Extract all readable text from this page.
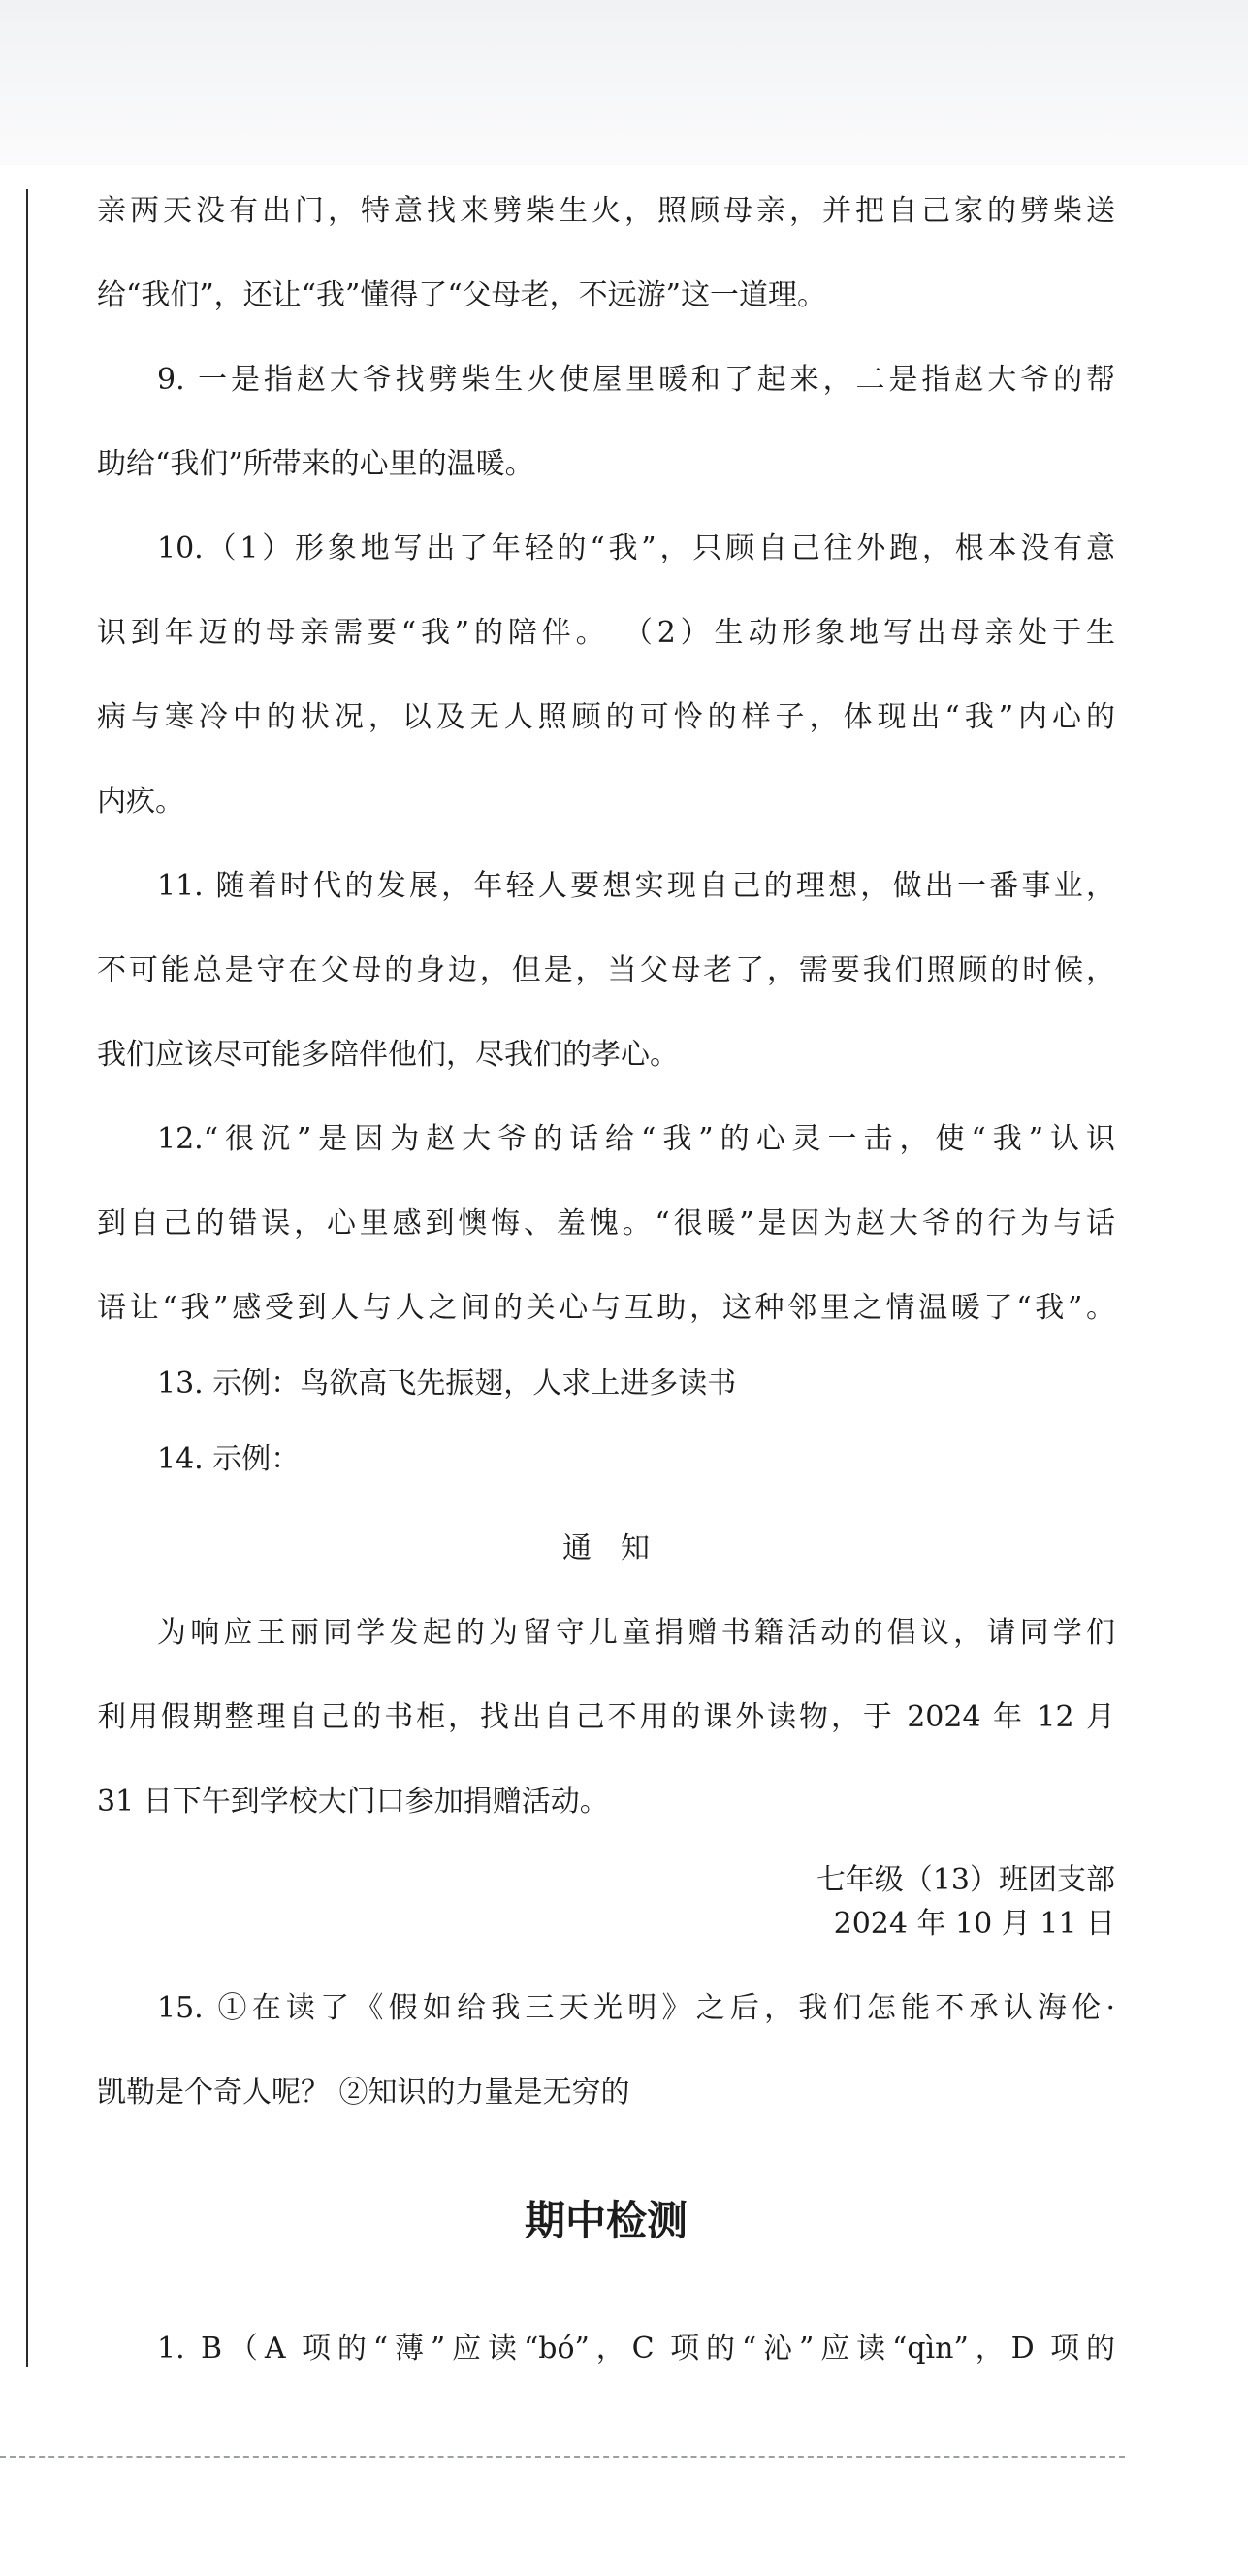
亲两天没有出门，特意找来劈柴生火，照顾母亲，并把自己家的劈柴送
给“我们”，还让“我”懂得了“父母老，不远游”这一道理。
9. 一是指赵大爷找劈柴生火使屋里暖和了起来，二是指赵大爷的帮
助给“我们”所带来的心里的温暖。
10.（1）形象地写出了年轻的“我”，只顾自己往外跑，根本没有意
识到年迈的母亲需要“我”的陪伴。 （2）生动形象地写出母亲处于生
病与寒冷中的状况，以及无人照顾的可怜的样子，体现出“我”内心的
内疚。
11. 随着时代的发展，年轻人要想实现自己的理想，做出一番事业，
不可能总是守在父母的身边，但是，当父母老了，需要我们照顾的时候，
我们应该尽可能多陪伴他们，尽我们的孝心。
12.“很沉”是因为赵大爷的话给“我”的心灵一击，使“我”认识
到自己的错误，心里感到懊悔、羞愧。“很暖”是因为赵大爷的行为与话
语让“我”感受到人与人之间的关心与互助，这种邻里之情温暖了“我”。
13. 示例：鸟欲高飞先振翅，人求上进多读书
14. 示例：
通　知
为响应王丽同学发起的为留守儿童捐赠书籍活动的倡议，请同学们
利用假期整理自己的书柜，找出自己不用的课外读物，于 2024 年 12 月
31 日下午到学校大门口参加捐赠活动。
七年级（13）班团支部
2024 年 10 月 11 日
15. ①在读了《假如给我三天光明》之后，我们怎能不承认海伦·
凯勒是个奇人呢？ ②知识的力量是无穷的
期中检测
1. B（A 项的“薄”应读“bó”，C 项的“沁”应读“qìn”，D 项的
